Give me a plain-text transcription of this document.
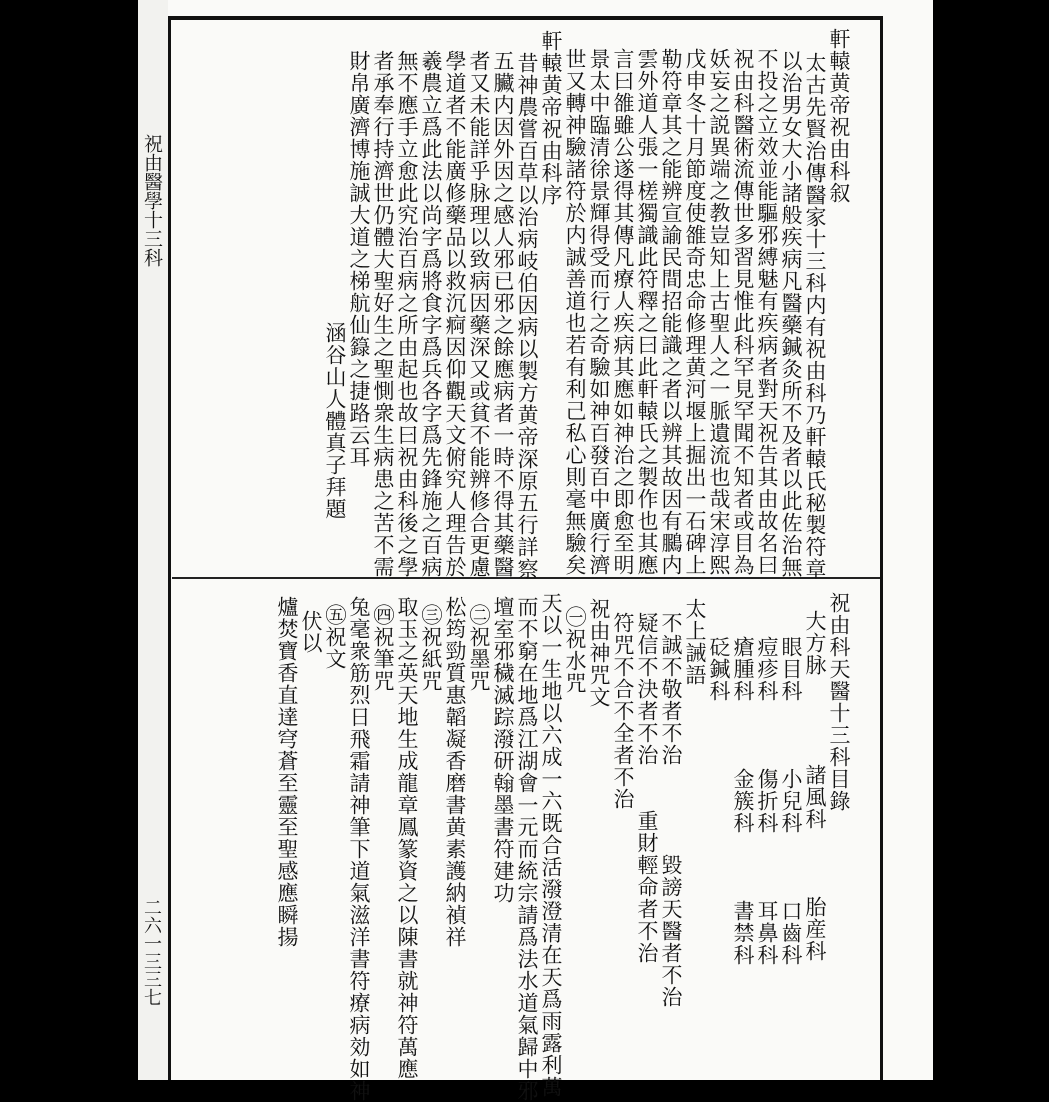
祝由醫學十三科
二六一三三七
軒轅黄帝祝由科叙
太古先賢治傳醫家十三科内有祝由科乃軒轅氏秘製符章
以治男女大小諸般疾病凡醫藥鍼灸所不及者以此佐治無
不投之立效並能驅邪縛魅有疾病者對天祝告其由故名曰
祝由科醫術流傳世多習見惟此科罕見罕聞不知者或目為
妖妄之説異端之教豈知上古聖人之一脈遺流也哉宋淳熙
戊申冬十月節度使雒奇忠命修理黄河堰上掘出一石碑上
勒符章其之能辨宣諭民間招能識之者以辨其故因有鵩内
雲外道人張一槎獨識此符釋之曰此軒轅氏之製作也其應
言曰雒雖公遂得其傳凡療人疾病其應如神治之即愈至明
景太中臨清徐景輝得受而行之奇驗如神百發百中廣行濟
世又轉神驗諸符於内誠善道也若有利己私心則毫無驗矣
軒轅黄帝祝由科序
昔神農嘗百草以治病岐伯因病以製方黄帝深原五行詳察
五臟内因外因之感人邪已邪之餘應病者一時不得其藥醫
者又未能詳乎脉理以致病因藥深又或貧不能辨修合更慮
學道者不能廣修藥品以救沉痾因仰觀天文俯究人理告於
羲農立爲此法以尚字爲將食字爲兵各字爲先鋒施之百病
無不應手立愈此究治百病之所由起也故曰祝由科後之學
者承奉行持濟世仍體大聖好生之聖惻衆生病患之苦不需
財帛廣濟博施誠大道之梯航仙籙之捷路云耳
涵谷山人體真子拜題
祝由科天醫十三科目錄
大方脉　　　　諸風科　　　胎産科
眼目科　　　小兒科　　　口齒科
痘疹科　　　傷折科　　　耳鼻科
瘡腫科　　　金簇科　　　書禁科
砭鍼科
太上誡語
不誠不敬者不治　　　　毀謗天醫者不治
疑信不決者不治　　重財輕命者不治
符咒不合不全者不治
祝由神咒文
㊀祝水咒
天以一生地以六成一六既合活潑澄清在天爲雨露利萬
而不窮在地爲江湖會一元而統宗請爲法水道氣歸中邪
壇室邪穢滅踪潑研翰墨書符建功
㊁祝墨咒
松筠勁質惠韜凝香磨書黄素護納禎祥
㊂祝紙咒
取玉之英天地生成龍章鳳篆資之以陳書就神符萬應
㊃祝筆咒
兔毫衆筋烈日飛霜請神筆下道氣滋洋書符療病効如神
㊄祝文
伏以
爐焚寶香直達穹蒼至靈至聖感應瞬揚
